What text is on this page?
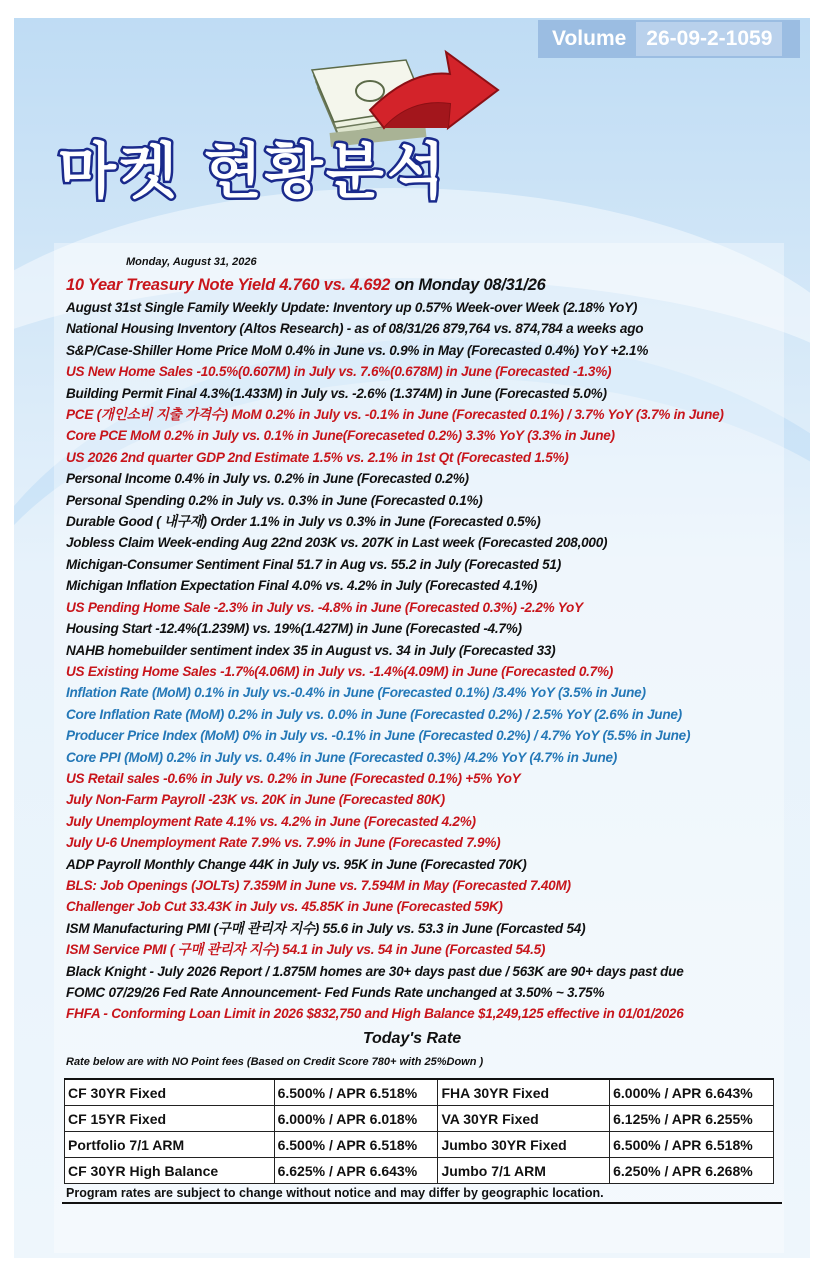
Volume 26-09-2-1059
마켓 현황분석
Monday, August 31, 2026
10 Year Treasury Note Yield 4.760 vs. 4.692 on Monday 08/31/26
August 31st Single Family Weekly Update: Inventory up 0.57% Week-over Week (2.18% YoY)
National Housing Inventory (Altos Research) - as of 08/31/26 879,764 vs. 874,784 a weeks ago
S&P/Case-Shiller Home Price MoM 0.4% in June vs. 0.9% in May (Forecasted 0.4%) YoY +2.1%
US New Home Sales -10.5%(0.607M) in July vs. 7.6%(0.678M) in June (Forecasted -1.3%)
Building Permit Final 4.3%(1.433M) in July vs. -2.6% (1.374M) in June (Forecasted 5.0%)
PCE (개인소비 지출 가격수) MoM 0.2% in July vs. -0.1% in June (Forecasted 0.1%) / 3.7% YoY (3.7% in June)
Core PCE MoM 0.2% in July vs. 0.1% in June(Forecaseted 0.2%) 3.3% YoY (3.3% in June)
US 2026 2nd quarter GDP 2nd Estimate 1.5% vs. 2.1% in 1st Qt (Forecasted 1.5%)
Personal Income 0.4% in July vs. 0.2% in June (Forecasted 0.2%)
Personal Spending 0.2% in July vs. 0.3% in June (Forecasted 0.1%)
Durable Good ( 내구재) Order 1.1% in July vs 0.3% in June (Forecasted 0.5%)
Jobless Claim Week-ending Aug 22nd 203K vs. 207K in Last week (Forecasted 208,000)
Michigan-Consumer Sentiment Final 51.7 in Aug vs. 55.2 in July (Forecasted 51)
Michigan Inflation Expectation Final 4.0% vs. 4.2% in July (Forecasted 4.1%)
US Pending Home Sale -2.3% in July vs. -4.8% in June (Forecasted 0.3%) -2.2% YoY
Housing Start -12.4%(1.239M) vs. 19%(1.427M) in June (Forecasted -4.7%)
NAHB homebuilder sentiment index 35 in August vs. 34 in July (Forecasted 33)
US Existing Home Sales -1.7%(4.06M) in July vs. -1.4%(4.09M) in June (Forecasted 0.7%)
Inflation Rate (MoM) 0.1% in July vs.-0.4% in June (Forecasted 0.1%) /3.4% YoY (3.5% in June)
Core Inflation Rate (MoM) 0.2% in July vs. 0.0% in June (Forecasted 0.2%) / 2.5% YoY (2.6% in June)
Producer Price Index (MoM) 0% in July vs. -0.1% in June (Forecasted 0.2%) / 4.7% YoY (5.5% in June)
Core PPI (MoM) 0.2% in July vs. 0.4% in June (Forecasted 0.3%) /4.2% YoY (4.7% in June)
US Retail sales -0.6% in July vs. 0.2% in June (Forecasted 0.1%) +5% YoY
July Non-Farm Payroll -23K vs. 20K in June (Forecasted 80K)
July Unemployment Rate 4.1% vs. 4.2% in June (Forecasted 4.2%)
July U-6 Unemployment Rate 7.9% vs. 7.9% in June (Forecasted 7.9%)
ADP Payroll Monthly Change 44K in July vs. 95K in June (Forecasted 70K)
BLS: Job Openings (JOLTs) 7.359M in June vs. 7.594M in May (Forecasted 7.40M)
Challenger Job Cut 33.43K in July vs. 45.85K in June (Forecasted 59K)
ISM Manufacturing PMI (구매 관리자 지수) 55.6 in July vs. 53.3 in June (Forcasted 54)
ISM Service PMI ( 구매 관리자 지수) 54.1 in July vs. 54 in June (Forcasted 54.5)
Black Knight - July 2026 Report / 1.875M homes are 30+ days past due / 563K are 90+ days past due
FOMC 07/29/26 Fed Rate Announcement- Fed Funds Rate unchanged at 3.50% ~ 3.75%
FHFA - Conforming Loan Limit in 2026 $832,750 and High Balance $1,249,125 effective in 01/01/2026
Today's Rate
Rate below are with NO Point fees (Based on Credit Score 780+ with 25%Down )
CF 30YR Fixed	6.500% / APR 6.518%	FHA 30YR Fixed	6.000% / APR 6.643%
CF 15YR Fixed	6.000% / APR 6.018%	VA 30YR Fixed	6.125% / APR 6.255%
Portfolio 7/1 ARM	6.500% / APR 6.518%	Jumbo 30YR Fixed	6.500% / APR 6.518%
CF 30YR High Balance	6.625% / APR 6.643%	Jumbo 7/1 ARM	6.250% / APR 6.268%
Program rates are subject to change without notice and may differ by geographic location.
